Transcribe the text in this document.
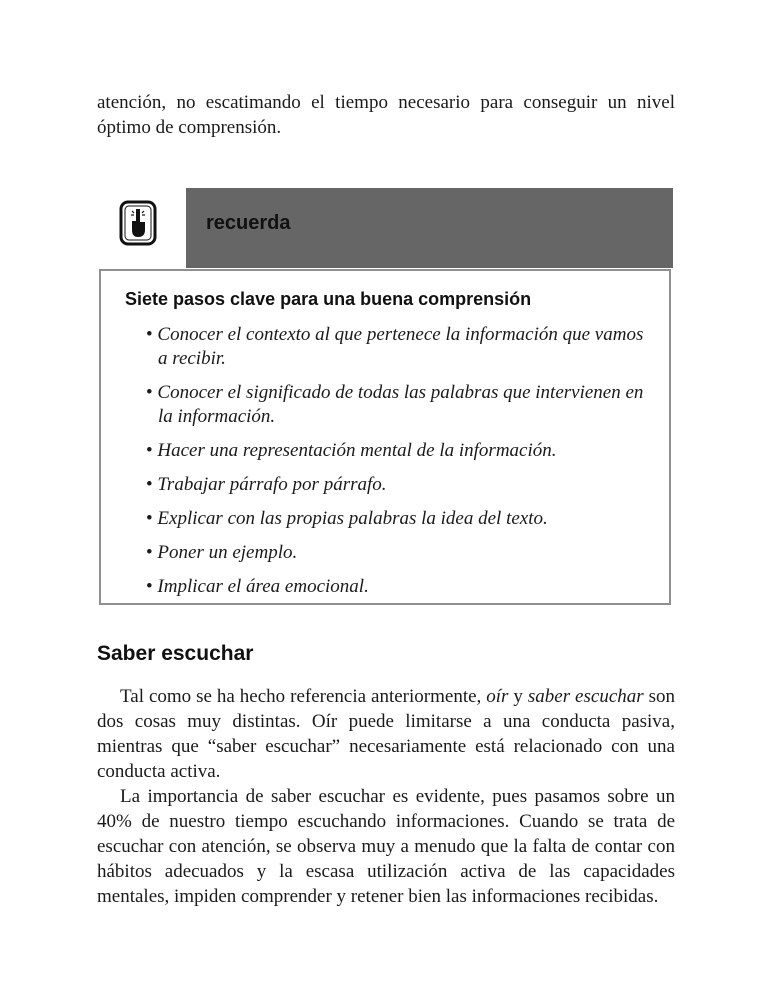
atención, no escatimando el tiempo necesario para conseguir un nivel óptimo de comprensión.

recuerda
Siete pasos clave para una buena comprensión
• Conocer el contexto al que pertenece la información que vamos a recibir.
• Conocer el significado de todas las palabras que intervienen en la información.
• Hacer una representación mental de la información.
• Trabajar párrafo por párrafo.
• Explicar con las propias palabras la idea del texto.
• Poner un ejemplo.
• Implicar el área emocional.
Saber escuchar

Tal como se ha hecho referencia anteriormente, oír y saber escuchar son dos cosas muy distintas. Oír puede limitarse a una conducta pasiva, mientras que “saber escuchar” necesariamente está relacionado con una conducta activa.

La importancia de saber escuchar es evidente, pues pasamos sobre un 40% de nuestro tiempo escuchando informaciones. Cuando se trata de escuchar con atención, se observa muy a menudo que la falta de contar con hábitos adecuados y la escasa utilización activa de las capacidades mentales, impiden comprender y retener bien las informaciones recibidas.
